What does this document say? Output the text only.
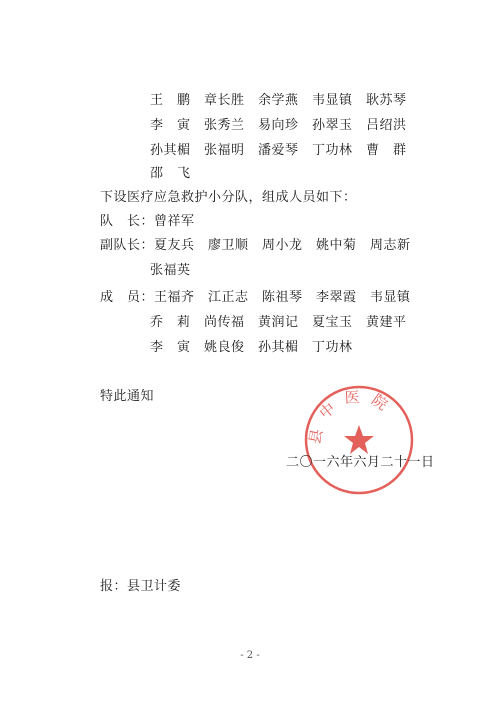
王　鹏　章长胜　余学燕　韦显镇　耿苏琴
李　寅　张秀兰　易向珍　孙翠玉　吕绍洪
孙其楣　张福明　潘爱琴　丁功林　曹　群
邵　飞
下设医疗应急救护小分队，组成人员如下：
队　长：曾祥军
副队长：夏友兵　廖卫顺　周小龙　姚中菊　周志新
张福英
成　员：王福齐　江正志　陈祖琴　李翠霞　韦显镇
乔　莉　尚传福　黄润记　夏宝玉　黄建平
李　寅　姚良俊　孙其楣　丁功林
特此通知
县中医院
二〇一六年六月二十一日
报：县卫计委
- 2 -
